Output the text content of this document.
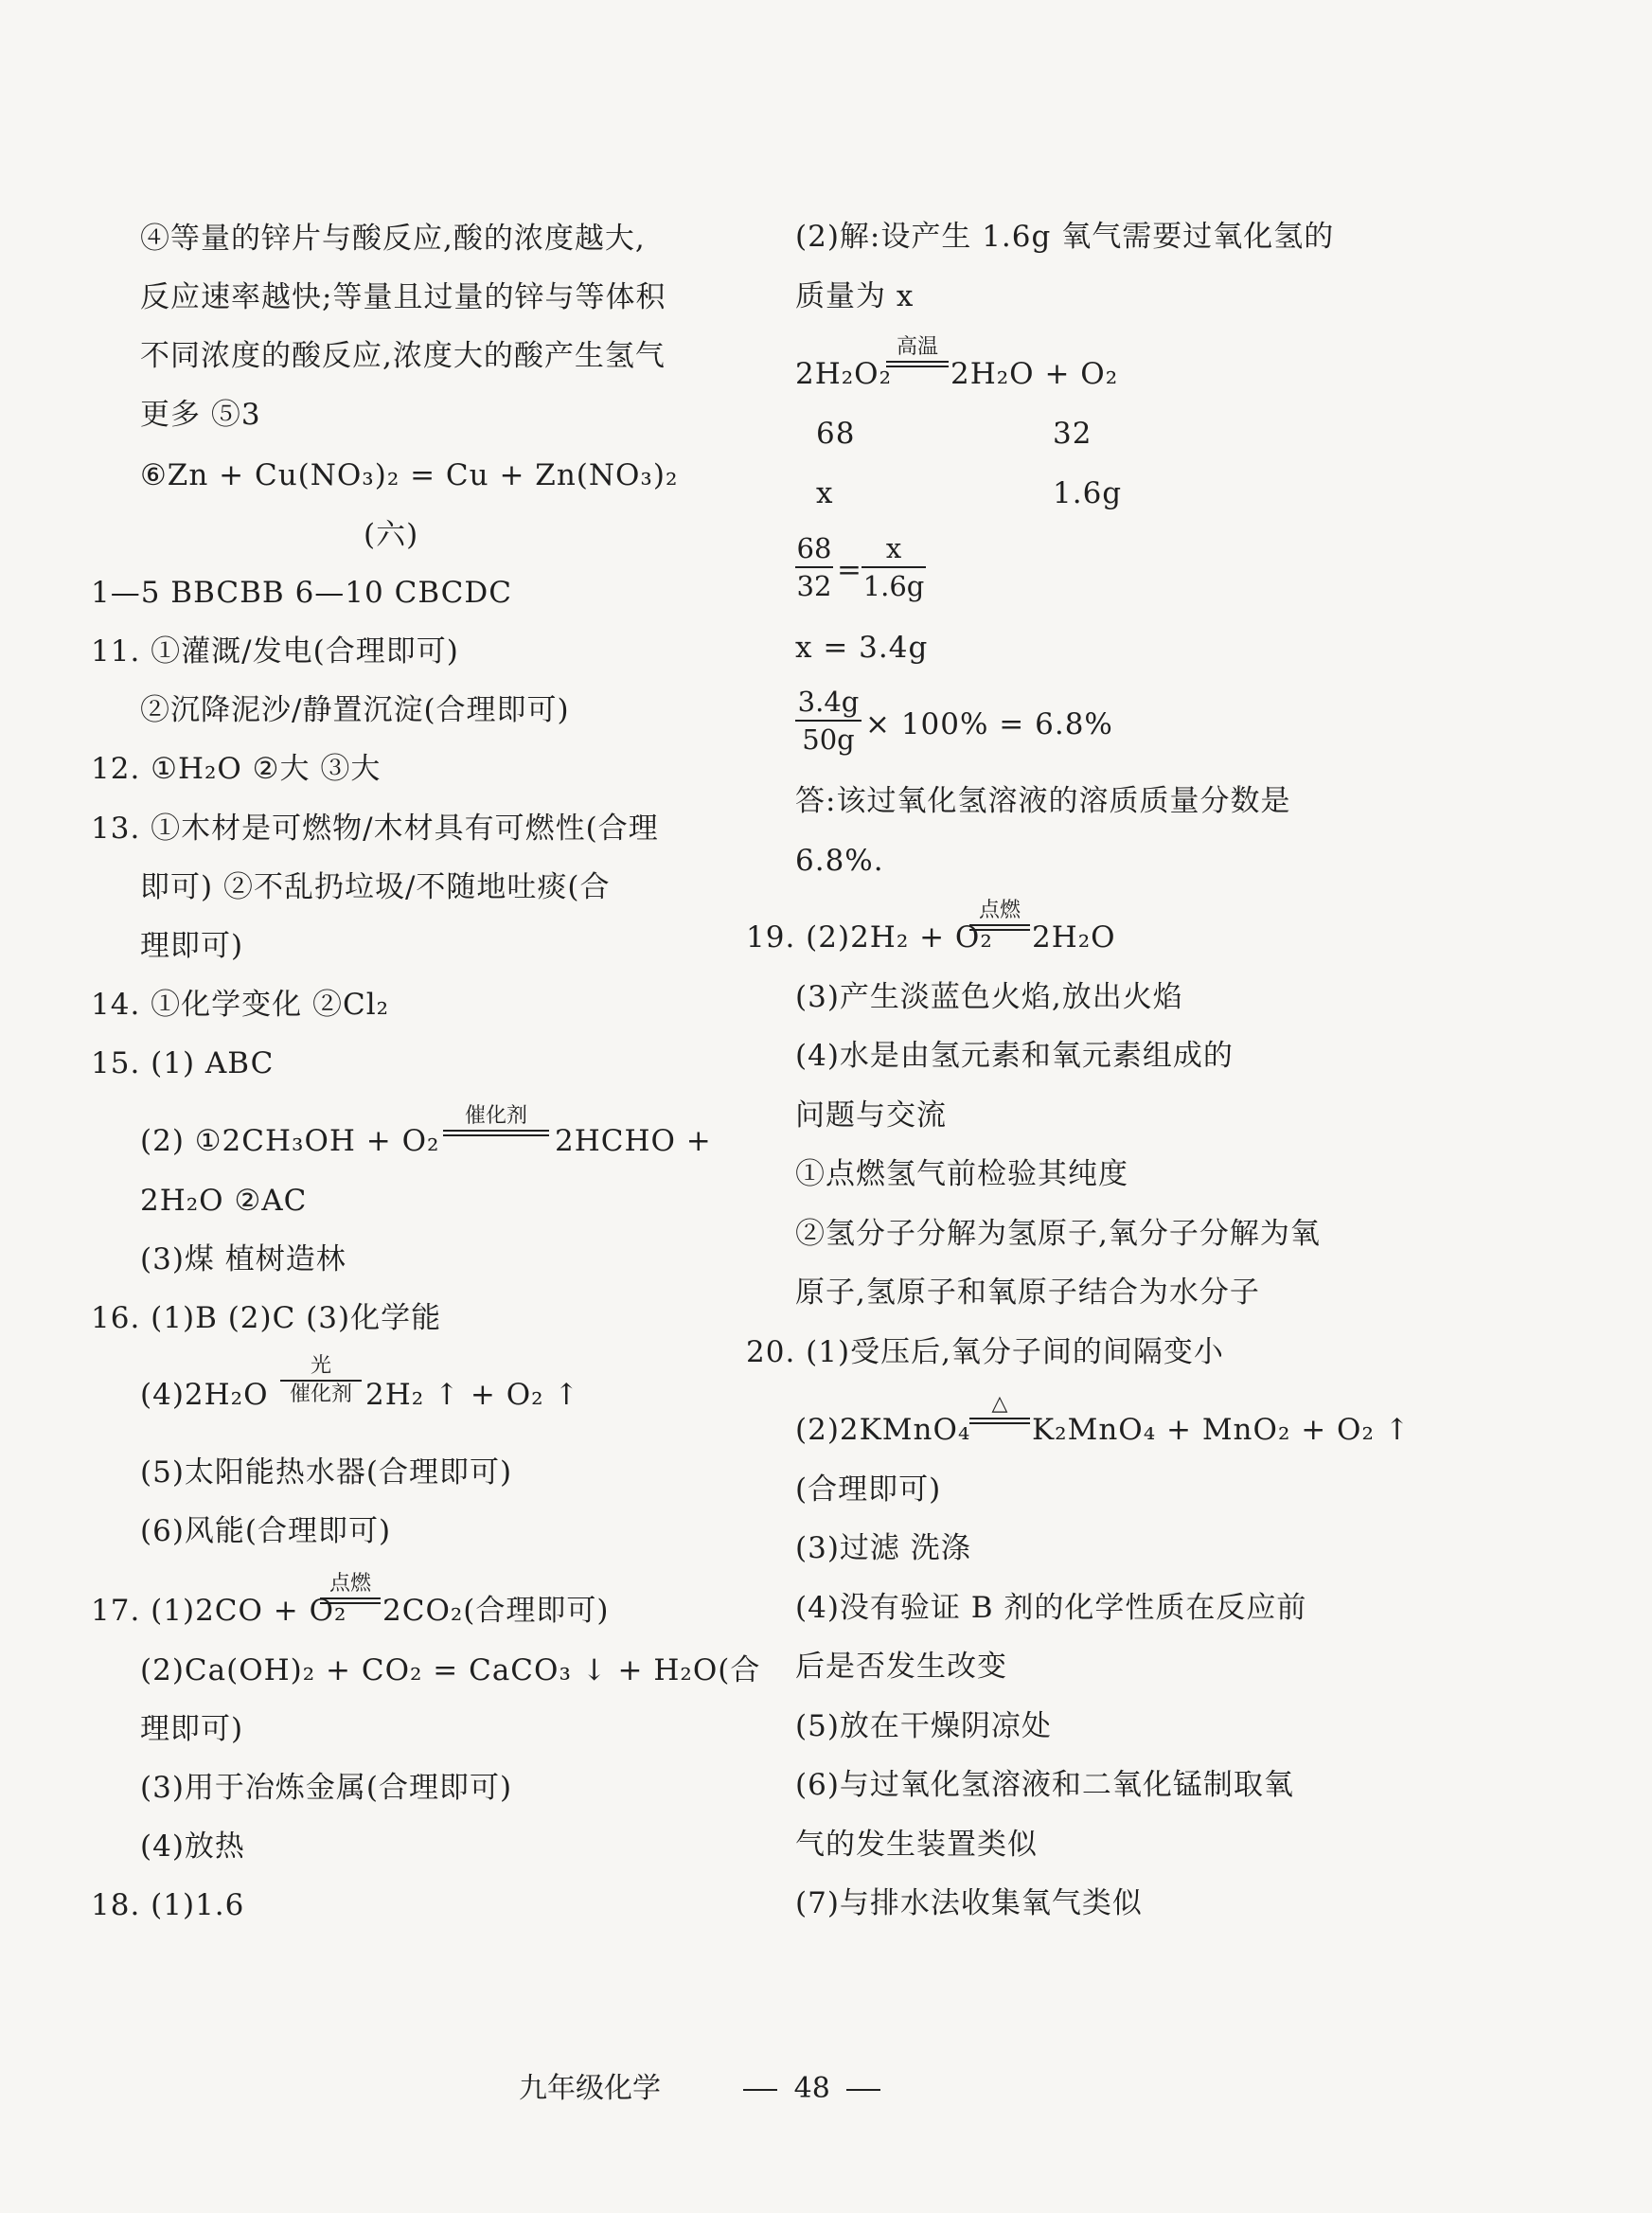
④等量的锌片与酸反应,酸的浓度越大,
反应速率越快;等量且过量的锌与等体积
不同浓度的酸反应,浓度大的酸产生氢气
更多 ⑤3
⑥Zn + Cu(NO₃)₂ = Cu + Zn(NO₃)₂
(六)
1—5 BBCBB 6—10 CBCDC
11. ①灌溉/发电(合理即可)
②沉降泥沙/静置沉淀(合理即可)
12. ①H₂O ②大 ③大
13. ①木材是可燃物/木材具有可燃性(合理
即可) ②不乱扔垃圾/不随地吐痰(合
理即可)
14. ①化学变化 ②Cl₂
15. (1) ABC
(2) ①2CH₃OH + O₂
催化剂
2HCHO +
2H₂O ②AC
(3)煤 植树造林
16. (1)B (2)C (3)化学能
(4)2H₂O
光
催化剂 2H₂ ↑ + O₂ ↑
(5)太阳能热水器(合理即可)
(6)风能(合理即可)
17. (1)2CO + O₂
点燃
2CO₂(合理即可)
(2)Ca(OH)₂ + CO₂ = CaCO₃ ↓ + H₂O(合
理即可)
(3)用于冶炼金属(合理即可)
(4)放热
18. (1)1.6
(2)解:设产生 1.6g 氧气需要过氧化氢的
质量为 x
2H₂O₂
高温
2H₂O + O₂
68	32
x	1.6g
68
32 =
x
1.6g
x = 3.4g
3.4g
50g × 100% = 6.8%
答:该过氧化氢溶液的溶质质量分数是
6.8%.
19. (2)2H₂ + O₂
点燃
2H₂O
(3)产生淡蓝色火焰,放出火焰
(4)水是由氢元素和氧元素组成的
问题与交流
①点燃氢气前检验其纯度
②氢分子分解为氢原子,氧分子分解为氧
原子,氢原子和氧原子结合为水分子
20. (1)受压后,氧分子间的间隔变小
(2)2KMnO₄
△
K₂MnO₄ + MnO₂ + O₂ ↑
(合理即可)
(3)过滤 洗涤
(4)没有验证 B 剂的化学性质在反应前
后是否发生改变
(5)放在干燥阴凉处
(6)与过氧化氢溶液和二氧化锰制取氧
气的发生装置类似
(7)与排水法收集氧气类似
九年级化学	48
